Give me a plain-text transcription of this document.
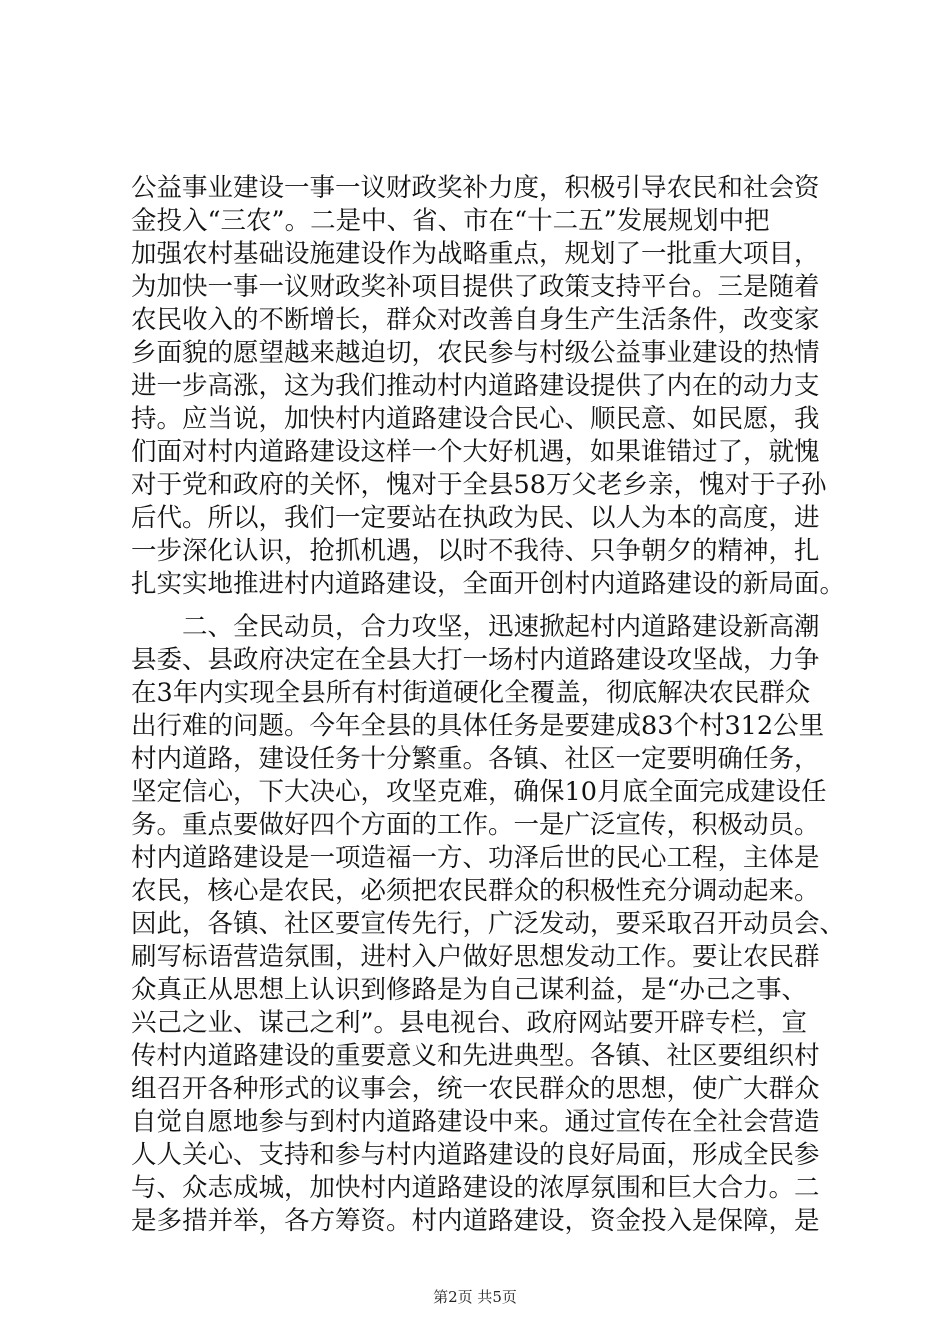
公益事业建设一事一议财政奖补力度，积极引导农民和社会资
金投入“三农”。二是中、省、市在“十二五”发展规划中把
加强农村基础设施建设作为战略重点，规划了一批重大项目，
为加快一事一议财政奖补项目提供了政策支持平台。三是随着
农民收入的不断增长，群众对改善自身生产生活条件，改变家
乡面貌的愿望越来越迫切，农民参与村级公益事业建设的热情
进一步高涨，这为我们推动村内道路建设提供了内在的动力支
持。应当说，加快村内道路建设合民心、顺民意、如民愿，我
们面对村内道路建设这样一个大好机遇，如果谁错过了，就愧
对于党和政府的关怀，愧对于全县58万父老乡亲，愧对于子孙
后代。所以，我们一定要站在执政为民、以人为本的高度，进
一步深化认识，抢抓机遇，以时不我待、只争朝夕的精神，扎
扎实实地推进村内道路建设，全面开创村内道路建设的新局面。
　　二、全民动员，合力攻坚，迅速掀起村内道路建设新高潮
县委、县政府决定在全县大打一场村内道路建设攻坚战，力争
在3年内实现全县所有村街道硬化全覆盖，彻底解决农民群众
出行难的问题。今年全县的具体任务是要建成83个村312公里
村内道路，建设任务十分繁重。各镇、社区一定要明确任务，
坚定信心，下大决心，攻坚克难，确保10月底全面完成建设任
务。重点要做好四个方面的工作。一是广泛宣传，积极动员。
村内道路建设是一项造福一方、功泽后世的民心工程，主体是
农民，核心是农民，必须把农民群众的积极性充分调动起来。
因此，各镇、社区要宣传先行，广泛发动，要采取召开动员会、
刷写标语营造氛围，进村入户做好思想发动工作。要让农民群
众真正从思想上认识到修路是为自己谋利益，是“办己之事、
兴己之业、谋己之利”。县电视台、政府网站要开辟专栏，宣
传村内道路建设的重要意义和先进典型。各镇、社区要组织村
组召开各种形式的议事会，统一农民群众的思想，使广大群众
自觉自愿地参与到村内道路建设中来。通过宣传在全社会营造
人人关心、支持和参与村内道路建设的良好局面，形成全民参
与、众志成城，加快村内道路建设的浓厚氛围和巨大合力。二
是多措并举，各方筹资。村内道路建设，资金投入是保障，是
第2页 共5页
